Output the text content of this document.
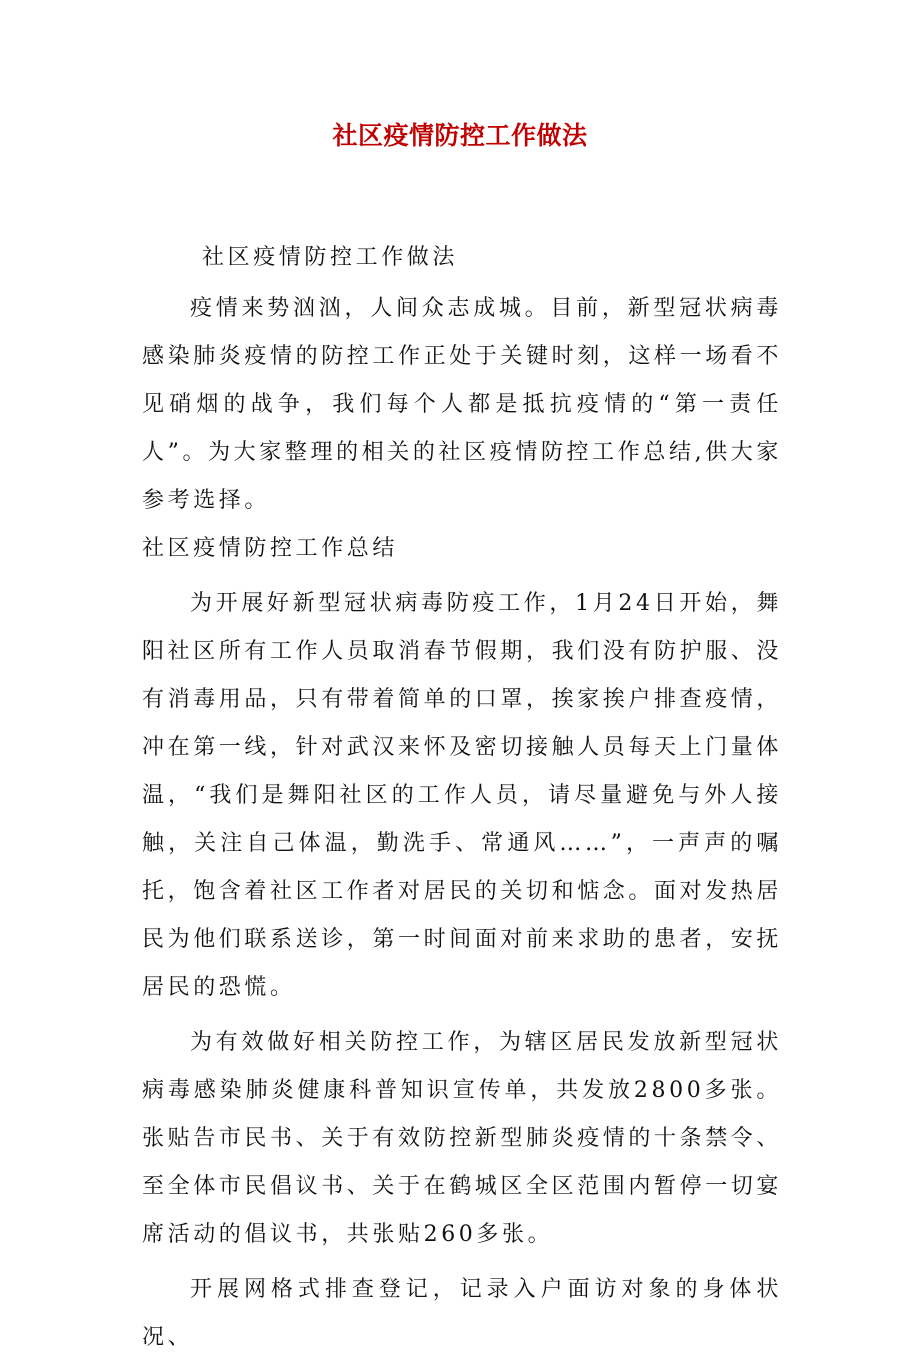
社区疫情防控工作做法

社区疫情防控工作做法

疫情来势汹汹，人间众志成城。目前，新型冠状病毒感染肺炎疫情的防控工作正处于关键时刻，这样一场看不见硝烟的战争，我们每个人都是抵抗疫情的“第一责任人”。为大家整理的相关的社区疫情防控工作总结,供大家参考选择。

社区疫情防控工作总结

为开展好新型冠状病毒防疫工作，1月24日开始，舞阳社区所有工作人员取消春节假期，我们没有防护服、没有消毒用品，只有带着简单的口罩，挨家挨户排查疫情，冲在第一线，针对武汉来怀及密切接触人员每天上门量体温，“我们是舞阳社区的工作人员，请尽量避免与外人接触，关注自己体温，勤洗手、常通风……”，一声声的嘱托，饱含着社区工作者对居民的关切和惦念。面对发热居民为他们联系送诊，第一时间面对前来求助的患者，安抚居民的恐慌。

为有效做好相关防控工作，为辖区居民发放新型冠状病毒感染肺炎健康科普知识宣传单，共发放2800多张。张贴告市民书、关于有效防控新型肺炎疫情的十条禁令、至全体市民倡议书、关于在鹤城区全区范围内暂停一切宴席活动的倡议书，共张贴260多张。

开展网格式排查登记，记录入户面访对象的身体状况、
